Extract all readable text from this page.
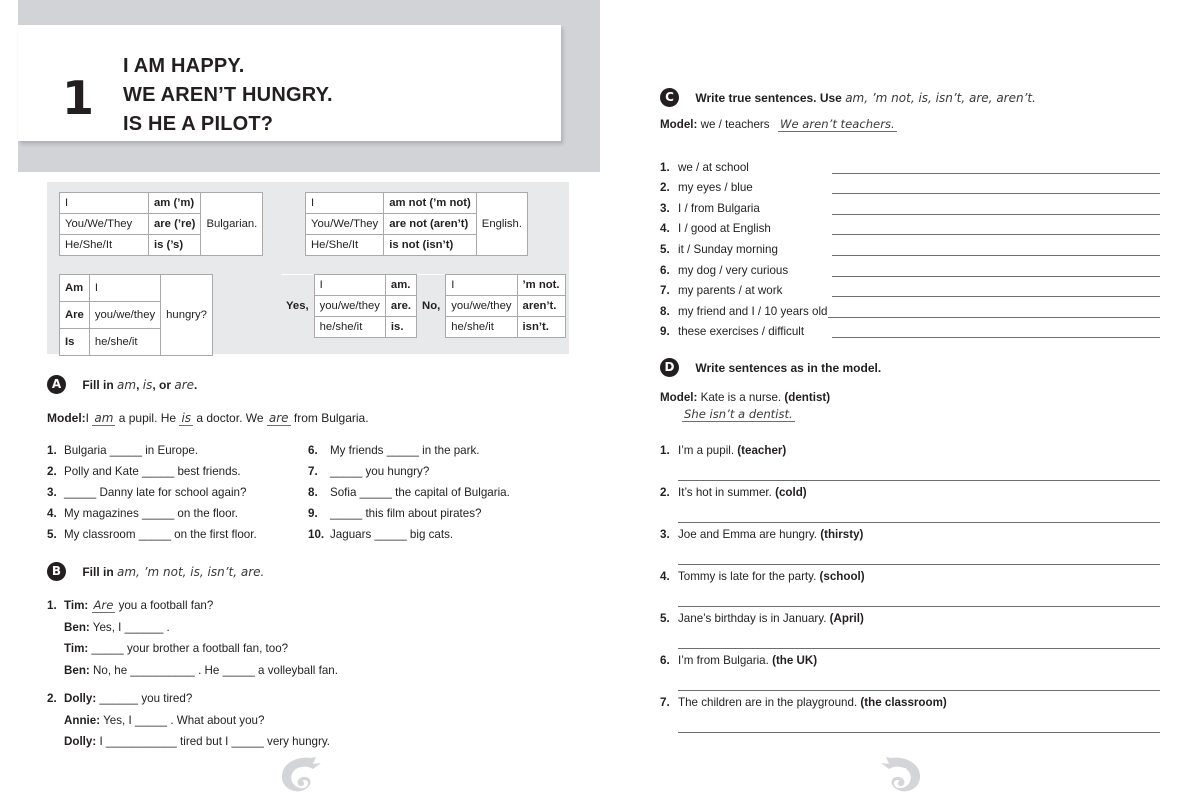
1
I AM HAPPY.
WE AREN’T HUNGRY.
IS HE A PILOT?
I	am (’m)	Bulgarian.
You/We/They	are (’re)	
He/She/It	is (’s)	
I	am not (’m not)	English.
You/We/They	are not (aren’t)	
He/She/It	is not (isn’t)	
Am	I	hungry?
Are	you/we/they	
Is	he/she/it	
Yes,	I	am.	No,	I	’m not.
	you/we/they	are.		you/we/they	aren’t.
	he/she/it	is.		he/she/it	isn’t.
A Fill in am, is, or are.
Model:I am a pupil. He is a doctor. We are from Bulgaria.
1. Bulgaria _____ in Europe.
2. Polly and Kate _____ best friends.
3. _____ Danny late for school again?
4. My magazines _____ on the floor.
5. My classroom _____ on the first floor.
6. My friends _____ in the park.
7. _____ you hungry?
8. Sofia _____ the capital of Bulgaria.
9. _____ this film about pirates?
10. Jaguars _____ big cats.
B Fill in am, ’m not, is, isn’t, are.
1. Tim: Are you a football fan?
Ben: Yes, I ______ .
Tim: _____ your brother a football fan, too?
Ben: No, he __________ . He _____ a volleyball fan.
2. Dolly: ______ you tired?
Annie: Yes, I _____ . What about you?
Dolly: I ___________ tired but I _____ very hungry.
4
C Write true sentences. Use am, ’m not, is, isn’t, are, aren’t.
Model: we / teachers We aren’t teachers.
1. we / at school
2. my eyes / blue
3. I / from Bulgaria
4. I / good at English
5. it / Sunday morning
6. my dog / very curious
7. my parents / at work
8. my friend and I / 10 years old
9. these exercises / difficult
D Write sentences as in the model.
Model: Kate is a nurse. (dentist)
She isn’t a dentist.
1. I’m a pupil. (teacher)
2. It’s hot in summer. (cold)
3. Joe and Emma are hungry. (thirsty)
4. Tommy is late for the party. (school)
5. Jane’s birthday is in January. (April)
6. I’m from Bulgaria. (the UK)
7. The children are in the playground. (the classroom)
5
